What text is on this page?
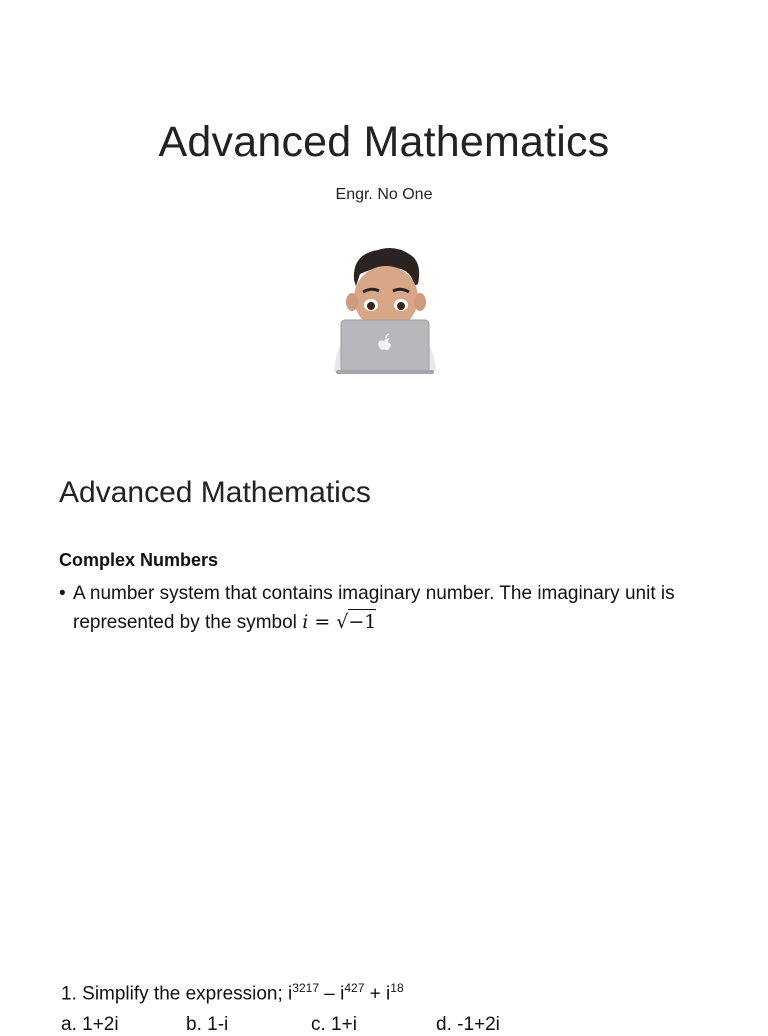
Advanced Mathematics
Engr. No One
Advanced Mathematics
Complex Numbers
• A number system that contains imaginary number. The imaginary unit is represented by the symbol i = √−1
1. Simplify the expression; $i^{3217} - i^{427} + i^{18}$
a. 1+2i	b. 1-i	c. 1+i	d. -1+2i
